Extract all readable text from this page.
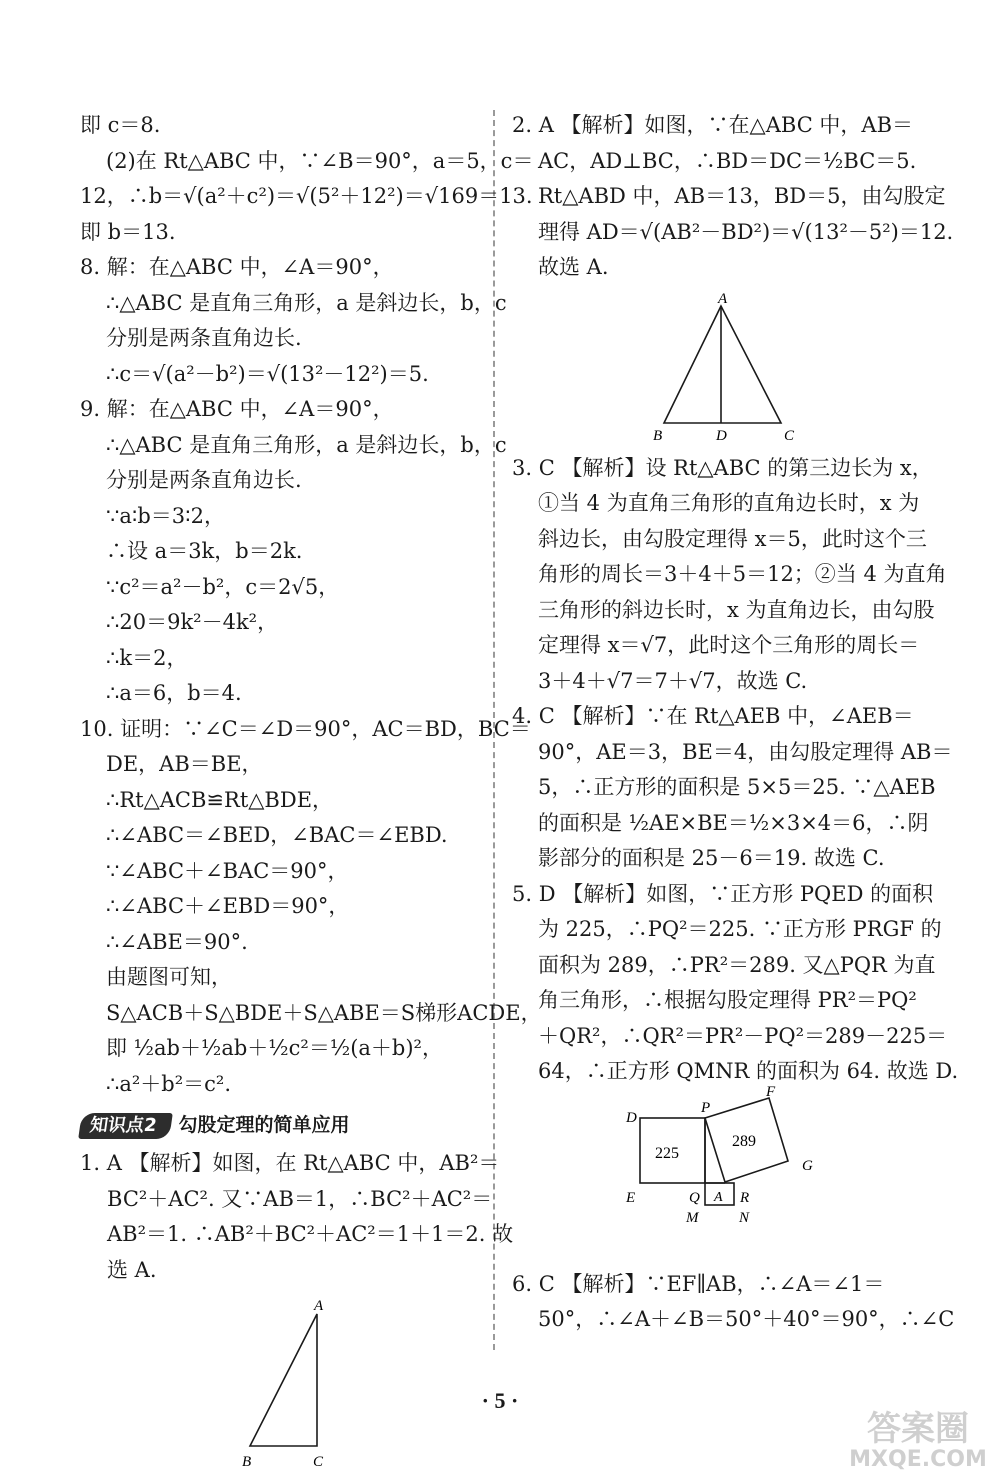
即 c＝8.
(2)在 Rt△ABC 中，∵∠B＝90°，a＝5，c＝
12，∴b＝√(a²＋c²)＝√(5²＋12²)＝√169＝13.
即 b＝13.
8. 解：在△ABC 中，∠A＝90°，
∴△ABC 是直角三角形，a 是斜边长，b，c
分别是两条直角边长.
∴c＝√(a²－b²)＝√(13²－12²)＝5.
9. 解：在△ABC 中，∠A＝90°，
∴△ABC 是直角三角形，a 是斜边长，b，c
分别是两条直角边长.
∵a∶b＝3∶2，
∴设 a＝3k，b＝2k.
∵c²＝a²－b²，c＝2√5，
∴20＝9k²－4k²，
∴k＝2，
∴a＝6，b＝4.
10. 证明：∵∠C＝∠D＝90°，AC＝BD，BC＝
DE，AB＝BE，
∴Rt△ACB≌Rt△BDE，
∴∠ABC＝∠BED，∠BAC＝∠EBD.
∵∠ABC＋∠BAC＝90°，
∴∠ABC＋∠EBD＝90°，
∴∠ABE＝90°.
由题图可知，
S△ACB＋S△BDE＋S△ABE＝S梯形ACDE，
即 ½ab＋½ab＋½c²＝½(a＋b)²，
∴a²＋b²＝c².
知识点2	勾股定理的简单应用
1. A 【解析】如图，在 Rt△ABC 中，AB²＝
BC²＋AC². 又∵AB＝1，∴BC²＋AC²＝
AB²＝1. ∴AB²＋BC²＋AC²＝1＋1＝2. 故
选 A.
A
B	C
2. A 【解析】如图，∵在△ABC 中，AB＝
AC，AD⊥BC，∴BD＝DC＝½BC＝5.
Rt△ABD 中，AB＝13，BD＝5，由勾股定
理得 AD＝√(AB²－BD²)＝√(13²－5²)＝12.
故选 A.
A
B	C
D
3. C 【解析】设 Rt△ABC 的第三边长为 x，
①当 4 为直角三角形的直角边长时，x 为
斜边长，由勾股定理得 x＝5，此时这个三
角形的周长＝3＋4＋5＝12；②当 4 为直角
三角形的斜边长时，x 为直角边长，由勾股
定理得 x＝√7，此时这个三角形的周长＝
3＋4＋√7＝7＋√7，故选 C.
4. C 【解析】∵在 Rt△AEB 中，∠AEB＝
90°，AE＝3，BE＝4，由勾股定理得 AB＝
5，∴正方形的面积是 5×5＝25. ∵△AEB
的面积是 ½AE×BE＝½×3×4＝6，∴阴
影部分的面积是 25－6＝19. 故选 C.
5. D 【解析】如图，∵正方形 PQED 的面积
为 225，∴PQ²＝225. ∵正方形 PRGF 的
面积为 289，∴PR²＝289. 又△PQR 为直
角三角形，∴根据勾股定理得 PR²＝PQ²
＋QR²，∴QR²＝PR²－PQ²＝289－225＝
64，∴正方形 QMNR 的面积为 64. 故选 D.
D
P
F
G
E	Q	R
M	N
A
225
289
6. C 【解析】∵EF∥AB，∴∠A＝∠1＝
50°，∴∠A＋∠B＝50°＋40°＝90°，∴∠C
· 5 ·
答案圈
MXQE.COM
